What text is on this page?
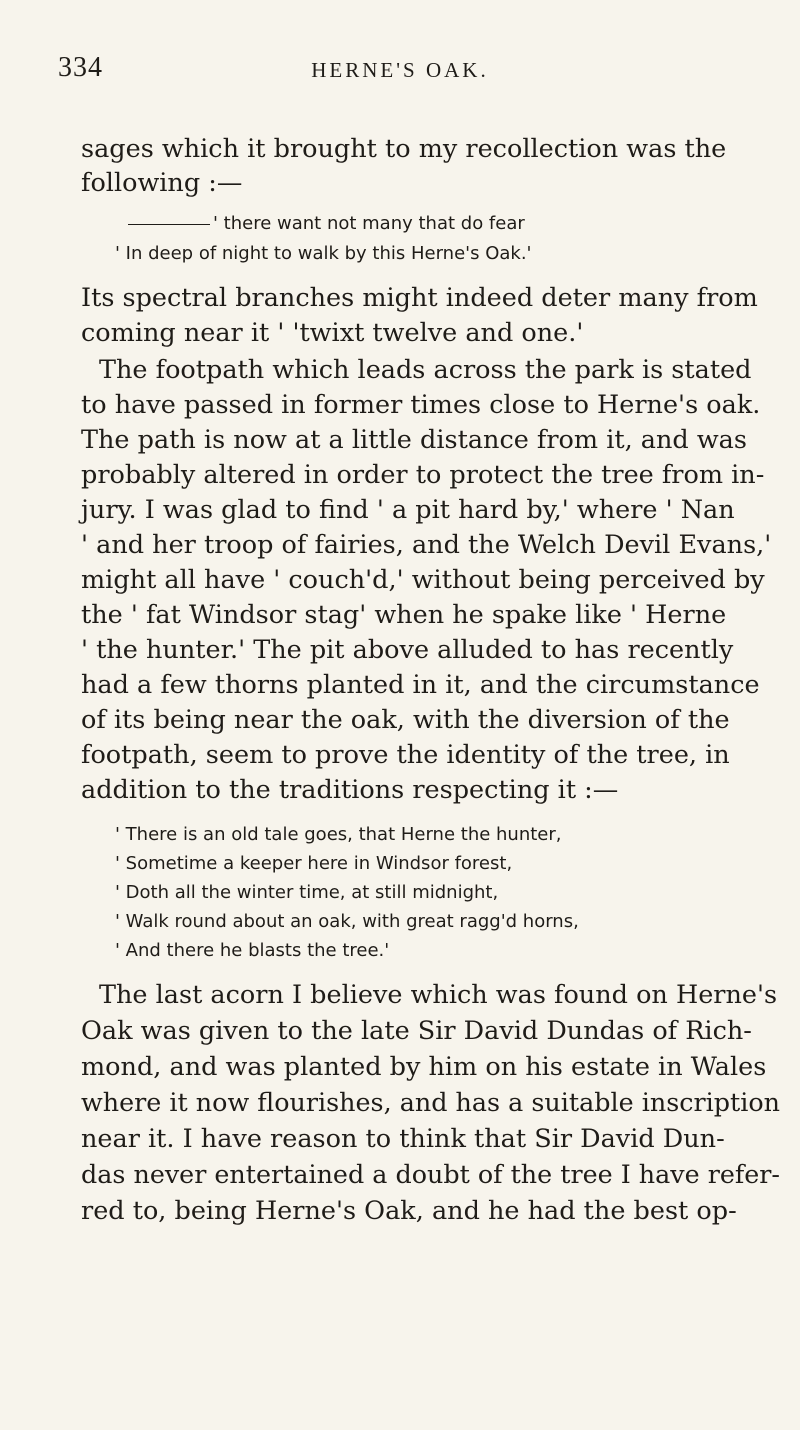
334	HERNE'S OAK.
sages which it brought to my recollection was the
following :—
' there want not many that do fear
' In deep of night to walk by this Herne's Oak.'
Its spectral branches might indeed deter many from
coming near it ' 'twixt twelve and one.'
The footpath which leads across the park is stated
to have passed in former times close to Herne's oak.
The path is now at a little distance from it, and was
probably altered in order to protect the tree from in-
jury. I was glad to find ' a pit hard by,' where ' Nan
' and her troop of fairies, and the Welch Devil Evans,'
might all have ' couch'd,' without being perceived by
the ' fat Windsor stag' when he spake like ' Herne
' the hunter.' The pit above alluded to has recently
had a few thorns planted in it, and the circumstance
of its being near the oak, with the diversion of the
footpath, seem to prove the identity of the tree, in
addition to the traditions respecting it :—
' There is an old tale goes, that Herne the hunter,
' Sometime a keeper here in Windsor forest,
' Doth all the winter time, at still midnight,
' Walk round about an oak, with great ragg'd horns,
' And there he blasts the tree.'
The last acorn I believe which was found on Herne's
Oak was given to the late Sir David Dundas of Rich-
mond, and was planted by him on his estate in Wales
where it now flourishes, and has a suitable inscription
near it. I have reason to think that Sir David Dun-
das never entertained a doubt of the tree I have refer-
red to, being Herne's Oak, and he had the best op-
